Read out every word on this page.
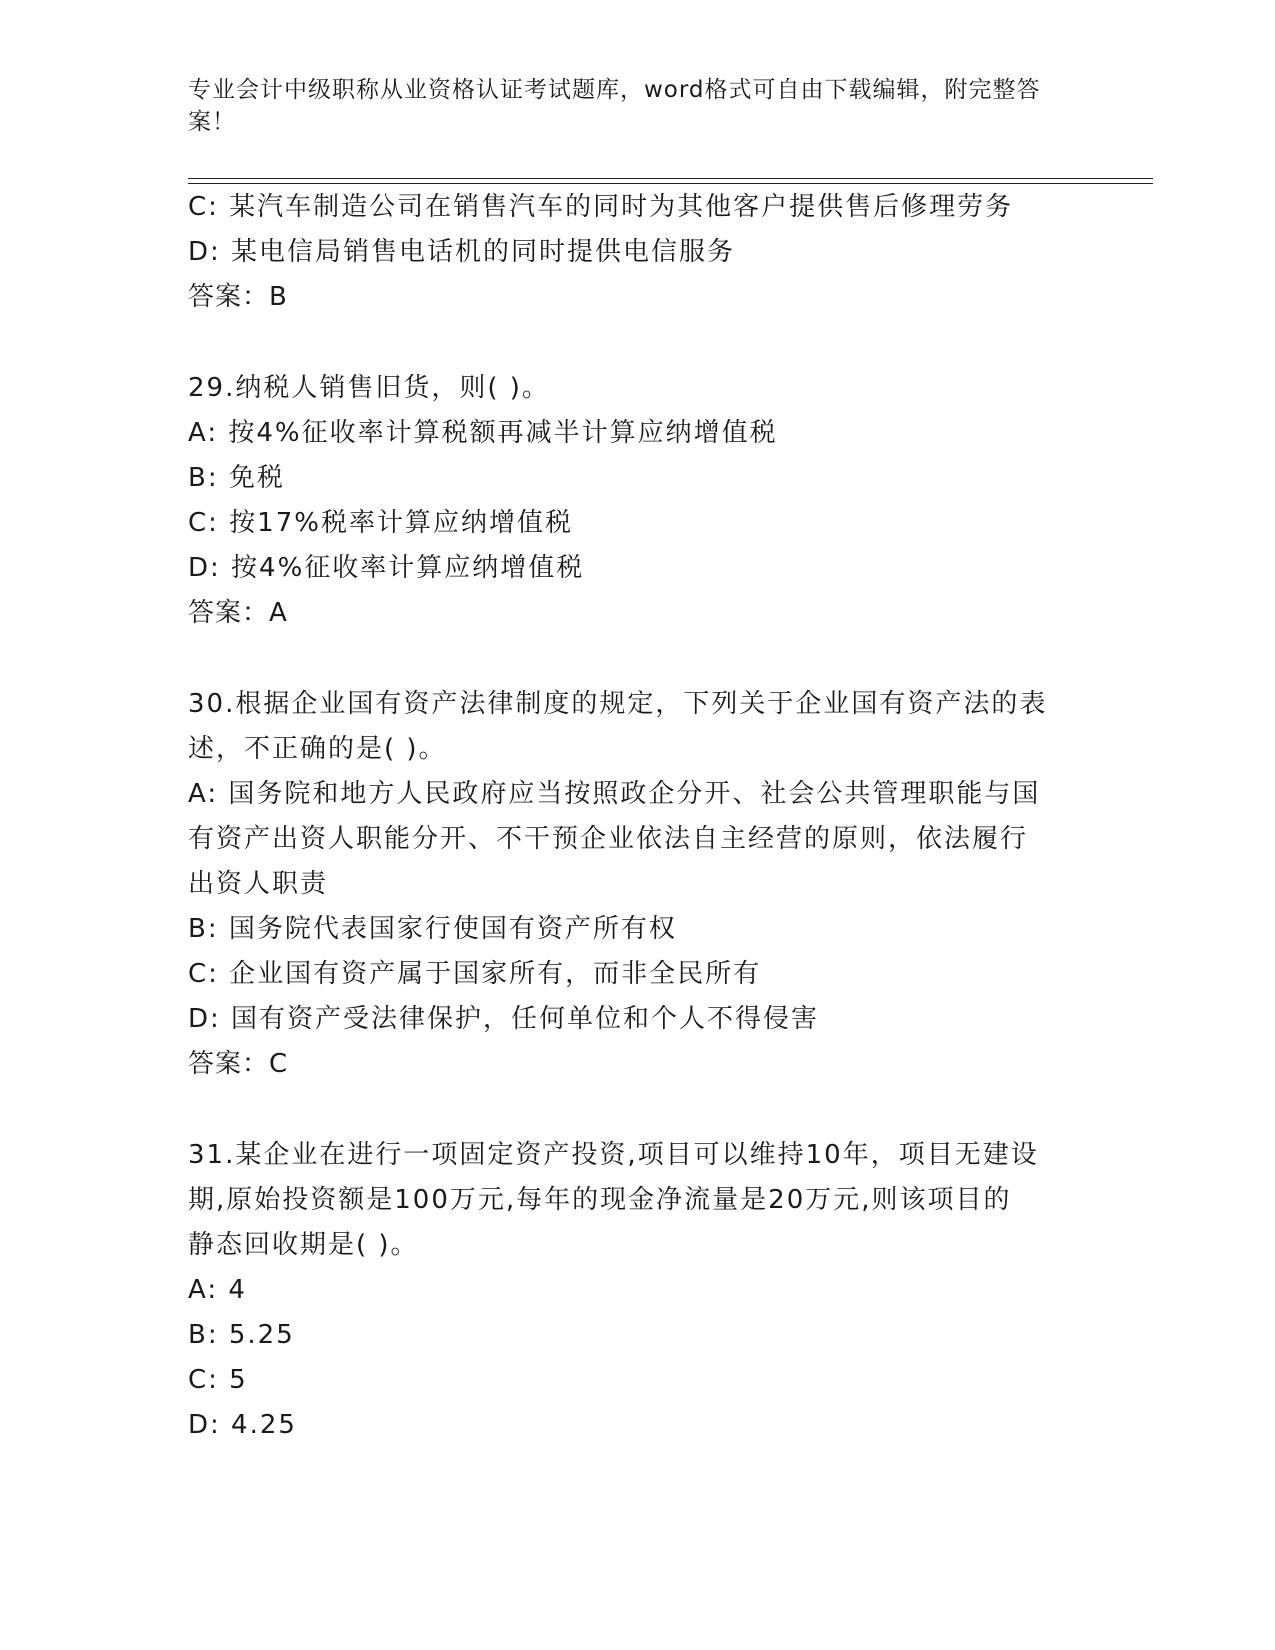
专业会计中级职称从业资格认证考试题库，word格式可自由下载编辑，附完整答案！
C: 某汽车制造公司在销售汽车的同时为其他客户提供售后修理劳务
D: 某电信局销售电话机的同时提供电信服务
答案：B
29.纳税人销售旧货，则( )。
A: 按4%征收率计算税额再减半计算应纳增值税
B: 免税
C: 按17%税率计算应纳增值税
D: 按4%征收率计算应纳增值税
答案：A
30.根据企业国有资产法律制度的规定，下列关于企业国有资产法的表
述，不正确的是( )。
A: 国务院和地方人民政府应当按照政企分开、社会公共管理职能与国
有资产出资人职能分开、不干预企业依法自主经营的原则，依法履行
出资人职责
B: 国务院代表国家行使国有资产所有权
C: 企业国有资产属于国家所有，而非全民所有
D: 国有资产受法律保护，任何单位和个人不得侵害
答案：C
31.某企业在进行一项固定资产投资,项目可以维持10年，项目无建设
期,原始投资额是100万元,每年的现金净流量是20万元,则该项目的
静态回收期是( )。
A: 4
B: 5.25
C: 5
D: 4.25
